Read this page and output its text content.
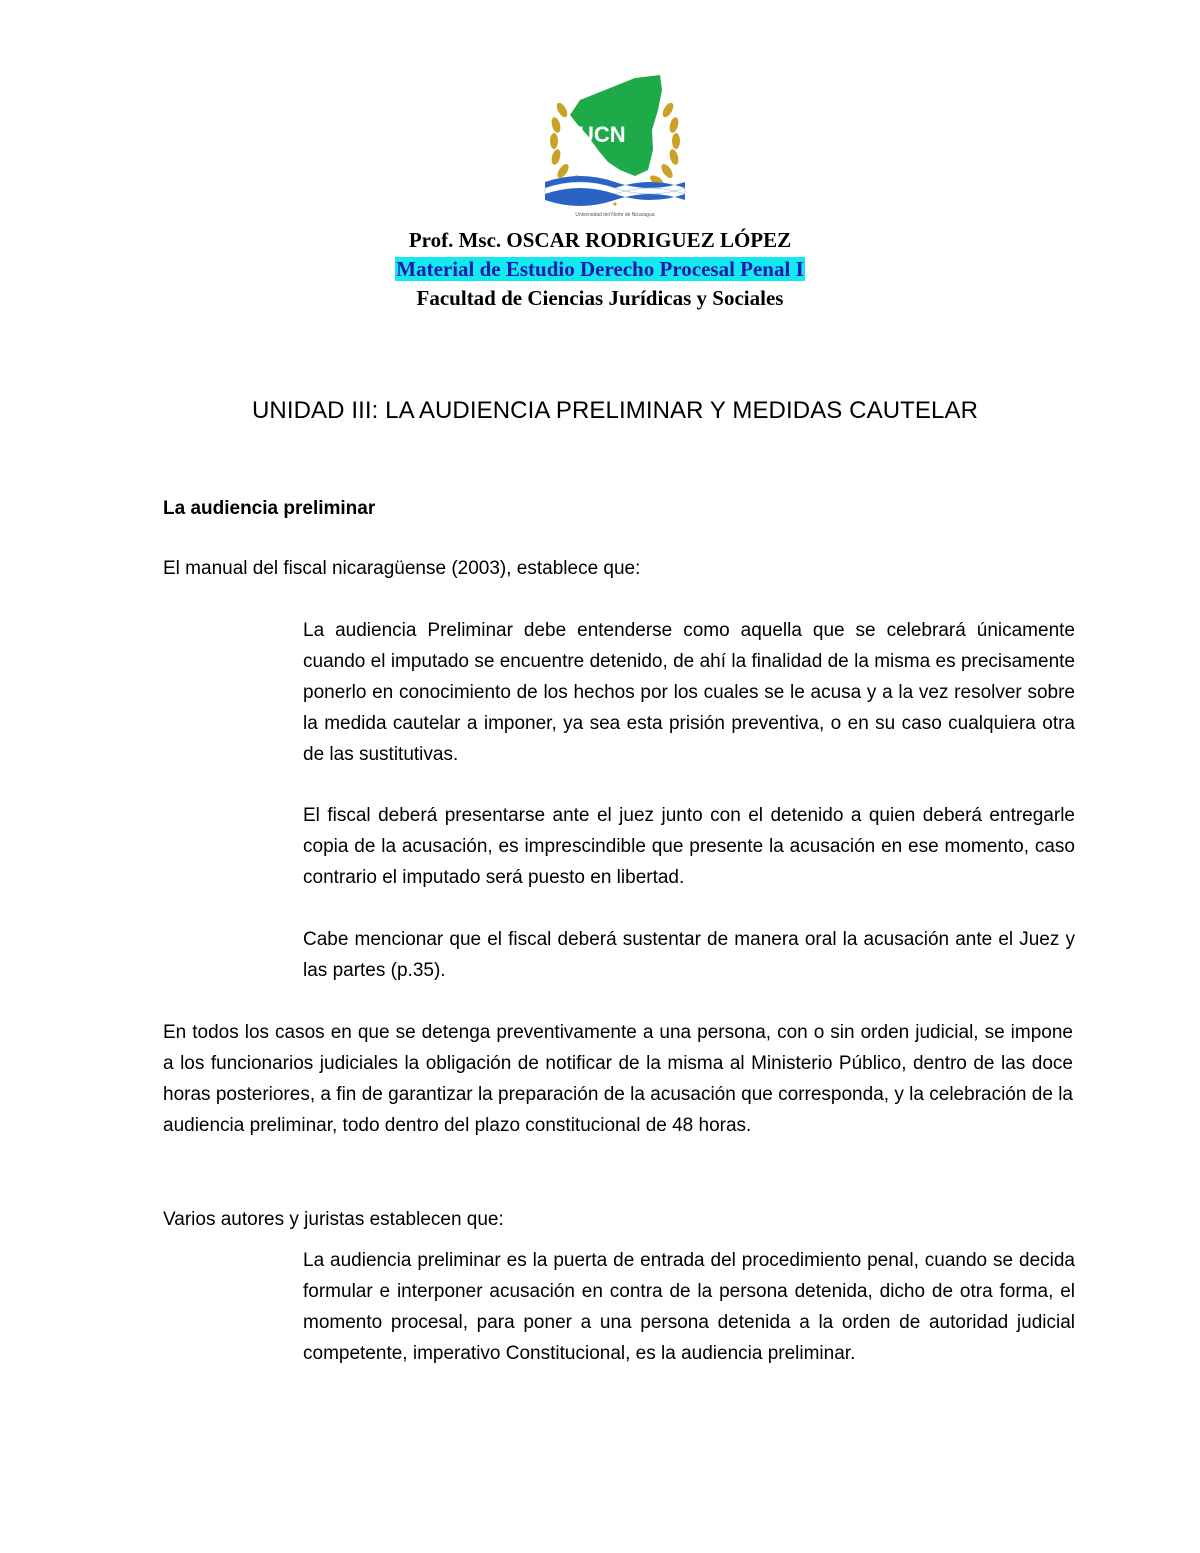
UCN
Universidad del Norte de Nicaragua
Prof. Msc. OSCAR RODRIGUEZ LÓPEZ
Material de Estudio Derecho Procesal Penal I
Facultad de Ciencias Jurídicas y Sociales
UNIDAD III: LA AUDIENCIA PRELIMINAR Y MEDIDAS CAUTELAR
La audiencia preliminar
El manual del fiscal nicaragüense (2003), establece que:

La audiencia Preliminar debe entenderse como aquella que se celebrará únicamente cuando el imputado se encuentre detenido, de ahí la finalidad de la misma es precisamente ponerlo en conocimiento de los hechos por los cuales se le acusa y a la vez resolver sobre la medida cautelar a imponer, ya sea esta prisión preventiva, o en su caso cualquiera otra de las sustitutivas.

El fiscal deberá presentarse ante el juez junto con el detenido a quien deberá entregarle copia de la acusación, es imprescindible que presente la acusación en ese momento, caso contrario el imputado será puesto en libertad.

Cabe mencionar que el fiscal deberá sustentar de manera oral la acusación ante el Juez y las partes (p.35).

En todos los casos en que se detenga preventivamente a una persona, con o sin orden judicial, se impone a los funcionarios judiciales la obligación de notificar de la misma al Ministerio Público, dentro de las doce horas posteriores, a fin de garantizar la preparación de la acusación que corresponda, y la celebración de la audiencia preliminar, todo dentro del plazo constitucional de 48 horas.

Varios autores y juristas establecen que:

La audiencia preliminar es la puerta de entrada del procedimiento penal, cuando se decida formular e interponer acusación en contra de la persona detenida, dicho de otra forma, el momento procesal, para poner a una persona detenida a la orden de autoridad judicial competente, imperativo Constitucional, es la audiencia preliminar.
